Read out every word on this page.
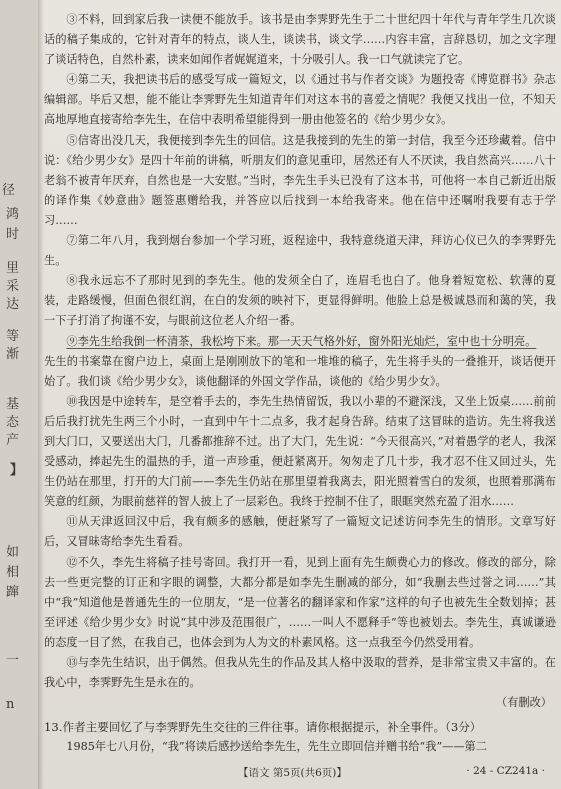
径
鸿
时
里
采
达
等
渐
基
态
产
】
如
相
蹿
一
n

③不料，回到家后我一读便不能放手。该书是由李霁野先生于二十世纪四十年代与青年学生几次谈话的稿子集成的，它针对青年的特点，谈人生，谈读书，谈文学……内容丰富，言辞恳切，加之文字理了谈话特色，自然朴素，读来如闻作者娓娓道来，十分吸引人。我一口气就读完了它。

④第二天，我把读书后的感受写成一篇短文，以《通过书与作者交谈》为题投寄《博览群书》杂志编辑部。毕后又想，能不能让李霁野先生知道青年们对这本书的喜爱之情呢？我便又找出一位，不知天高地厚地直接寄给李先生，在信中表明希望能得到一册由他签名的《给少男少女》。

⑤信寄出没几天，我便接到李先生的回信。这是我接到的先生的第一封信，我至今还珍藏着。信中说：《给少男少女》是四十年前的讲稿，听朋友们的意见重印，居然还有人不厌读，我自然高兴……八十老翁不被青年厌弃，自然也是一大安慰。”当时，李先生手头已没有了这本书，可他将一本自己新近出版的译作集《妙意曲》题签惠赠给我，并答应以后找到一本给我寄来。他在信中还嘱咐我要有志于学习……

⑦第二年八月，我到烟台参加一个学习班，返程途中，我特意绕道天津，拜访心仪已久的李霁野先生。

⑧我永远忘不了那时见到的李先生。他的发须全白了，连眉毛也白了。他身着短宽松、软薄的夏装，走路缓慢，但面色很红润，在白的发须的映衬下，更显得鲜明。他脸上总是极诚恳而和蔼的笑，我一下子打消了拘谨不安，与眼前这位老人介绍一番。

⑨李先生给我倒一杯清茶，我松垮下来。那一天天气格外好，窗外阳光灿烂，室中也十分明亮。

先生的书案靠在窗户边上，桌面上是刚刚放下的笔和一堆堆的稿子，先生将手头的一叠推开，谈话便开始了。我们谈《给少男少女》，谈他翻译的外国文学作品，谈他的《给少男少女》。

⑩我因是中途转车，是空着手去的，李先生热情留饭，我以小辈的不避深浅，又坐上饭桌……前前后后我打扰先生两三个小时，一直到中午十二点多，我才起身告辞。结束了这冒昧的造访。先生将我送到大门口，又要送出大门，几番都推辞不过。出了大门，先生说：“今天很高兴，”对着愚学的老人，我深受感动，捧起先生的温热的手，道一声珍重，便赶紧离开。匆匆走了几十步，我才忍不住又回过头，先生仍站在那里，打开的大门前——李先生仍站在那里望着我离去，阳光照着雪白的发须，也照着那满布笑意的红颜，为眼前慈祥的智人披上了一层彩色。我终于控制不住了，眼眶突然充盈了泪水……

⑪从天津返回汉中后，我有颇多的感触，便赶紧写了一篇短文记述访问李先生的情形。文章写好后，又冒昧寄给李先生看看。

⑫不久，李先生将稿子挂号寄回。我打开一看，见到上面有先生颇费心力的修改。修改的部分，除去一些更完整的订正和字眼的调整，大都分都是如李先生删减的部分，如“我删去些过誉之词……”其中“我”知道他是普通先生的一位朋友，“是一位著名的翻译家和作家”这样的句子也被先生全数划掉；甚至评述《给少男少女》时说“其中涉及范围很广，……一叫人不愿释手”等也被划去。李先生，真诚谦逊的态度一目了然，在我自己，也体会到为人为文的朴素风格。这一点我至今仍然受用着。

⑬与李先生结识，出于偶然。但我从先生的作品及其人格中汲取的营养，是非常宝贵又丰富的。在我心中，李霁野先生是永在的。

（有删改）

13.作者主要回忆了与李霁野先生交往的三件往事。请你根据提示，补全事件。（3分）

1985年七八月份，“我”将读后感抄送给李先生，先生立即回信并赠书给“我”——第二

【语文 第5页(共6页)】	· 24 - CZ241a ·
